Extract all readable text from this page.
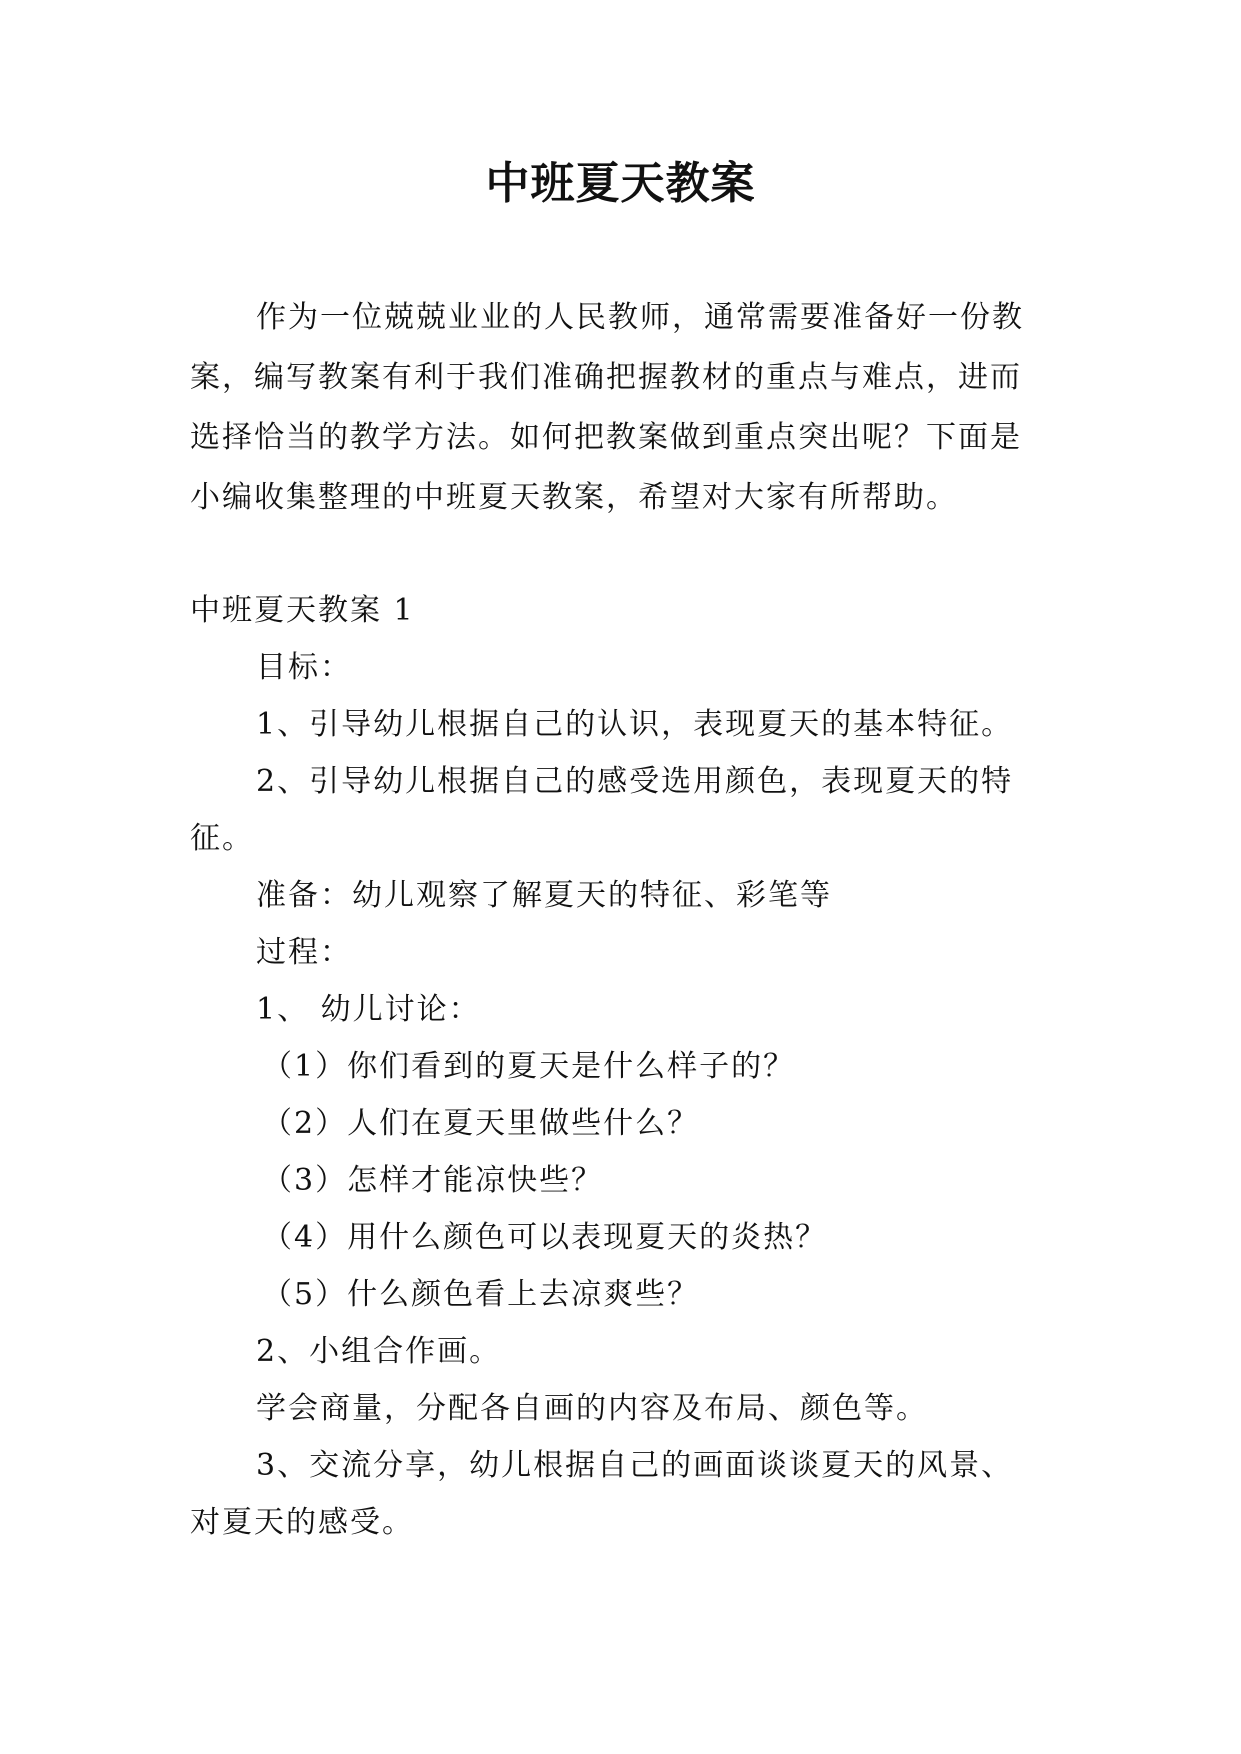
中班夏天教案
作为一位兢兢业业的人民教师，通常需要准备好一份教
案，编写教案有利于我们准确把握教材的重点与难点，进而
选择恰当的教学方法。如何把教案做到重点突出呢？下面是
小编收集整理的中班夏天教案，希望对大家有所帮助。
中班夏天教案 1
目标：
1、引导幼儿根据自己的认识，表现夏天的基本特征。
2、引导幼儿根据自己的感受选用颜色，表现夏天的特
征。
准备：幼儿观察了解夏天的特征、彩笔等
过程：
1、 幼儿讨论：
（1）你们看到的夏天是什么样子的？
（2）人们在夏天里做些什么？
（3）怎样才能凉快些？
（4）用什么颜色可以表现夏天的炎热？
（5）什么颜色看上去凉爽些？
2、小组合作画。
学会商量，分配各自画的内容及布局、颜色等。
3、交流分享，幼儿根据自己的画面谈谈夏天的风景、
对夏天的感受。
